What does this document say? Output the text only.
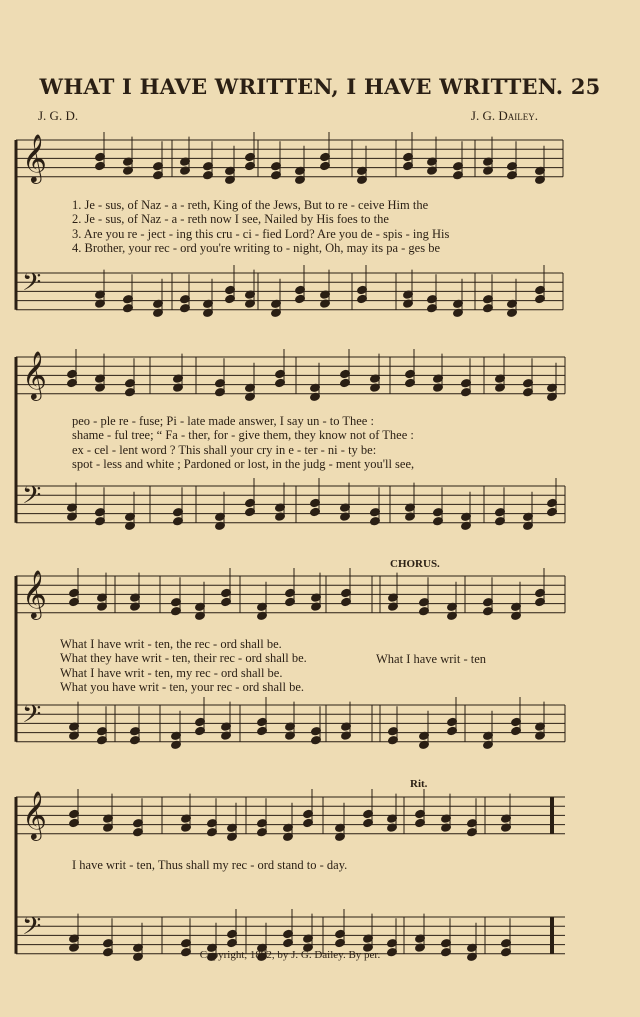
WHAT I HAVE WRITTEN, I HAVE WRITTEN. 25
J. G. D.	J. G. Dailey.
𝄞
𝄢
𝄞
𝄢
𝄞
𝄢
𝄞
𝄢
1. Je - sus, of Naz - a - reth, King of the Jews, But to re - ceive Him the
2. Je - sus, of Naz - a - reth now I see, Nailed by His foes to the
3. Are you re - ject - ing this cru - ci - fied Lord? Are you de - spis - ing His
4. Brother, your rec - ord you're writing to - night, Oh, may its pa - ges be
peo - ple re - fuse; Pi - late made answer, I say un - to Thee :
shame - ful tree; “ Fa - ther, for - give them, they know not of Thee :
ex - cel - lent word ? This shall your cry in e - ter - ni - ty be:
spot - less and white ; Pardoned or lost, in the judg - ment you'll see,
CHORUS.
What I have writ - ten, the rec - ord shall be.
What they have writ - ten, their rec - ord shall be.
What I have writ - ten, my rec - ord shall be.
What you have writ - ten, your rec - ord shall be.
What I have writ - ten
Rit.
I have writ - ten, Thus shall my rec - ord stand to - day.
Copyright, 1892, by J. G. Dailey. By per.
